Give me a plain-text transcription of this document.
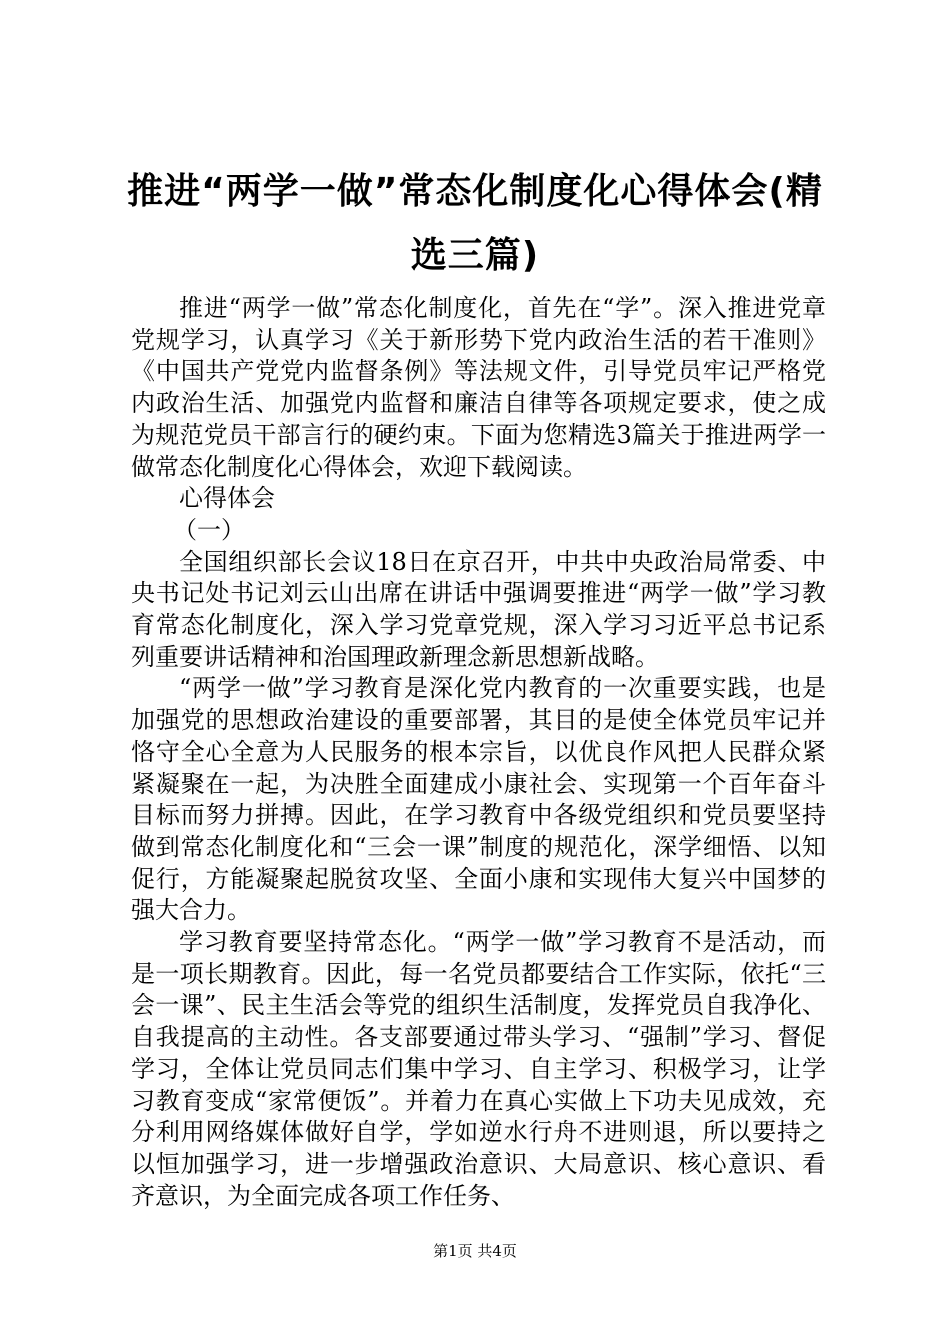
推进“两学一做”常态化制度化心得体会(精选三篇)

推进“两学一做”常态化制度化，首先在“学”。深入推进党章党规学习，认真学习《关于新形势下党内政治生活的若干准则》《中国共产党党内监督条例》等法规文件，引导党员牢记严格党内政治生活、加强党内监督和廉洁自律等各项规定要求，使之成为规范党员干部言行的硬约束。下面为您精选3篇关于推进两学一做常态化制度化心得体会，欢迎下载阅读。

心得体会

（一）

全国组织部长会议18日在京召开，中共中央政治局常委、中央书记处书记刘云山出席在讲话中强调要推进“两学一做”学习教育常态化制度化，深入学习党章党规，深入学习习近平总书记系列重要讲话精神和治国理政新理念新思想新战略。

“两学一做”学习教育是深化党内教育的一次重要实践，也是加强党的思想政治建设的重要部署，其目的是使全体党员牢记并恪守全心全意为人民服务的根本宗旨，以优良作风把人民群众紧紧凝聚在一起，为决胜全面建成小康社会、实现第一个百年奋斗目标而努力拼搏。因此，在学习教育中各级党组织和党员要坚持做到常态化制度化和“三会一课”制度的规范化，深学细悟、以知促行，方能凝聚起脱贫攻坚、全面小康和实现伟大复兴中国梦的强大合力。

学习教育要坚持常态化。“两学一做”学习教育不是活动，而是一项长期教育。因此，每一名党员都要结合工作实际，依托“三会一课”、民主生活会等党的组织生活制度，发挥党员自我净化、自我提高的主动性。各支部要通过带头学习、“强制”学习、督促学习，全体让党员同志们集中学习、自主学习、积极学习，让学习教育变成“家常便饭”。并着力在真心实做上下功夫见成效，充分利用网络媒体做好自学，学如逆水行舟不进则退，所以要持之以恒加强学习，进一步增强政治意识、大局意识、核心意识、看齐意识，为全面完成各项工作任务、

第1页 共4页
